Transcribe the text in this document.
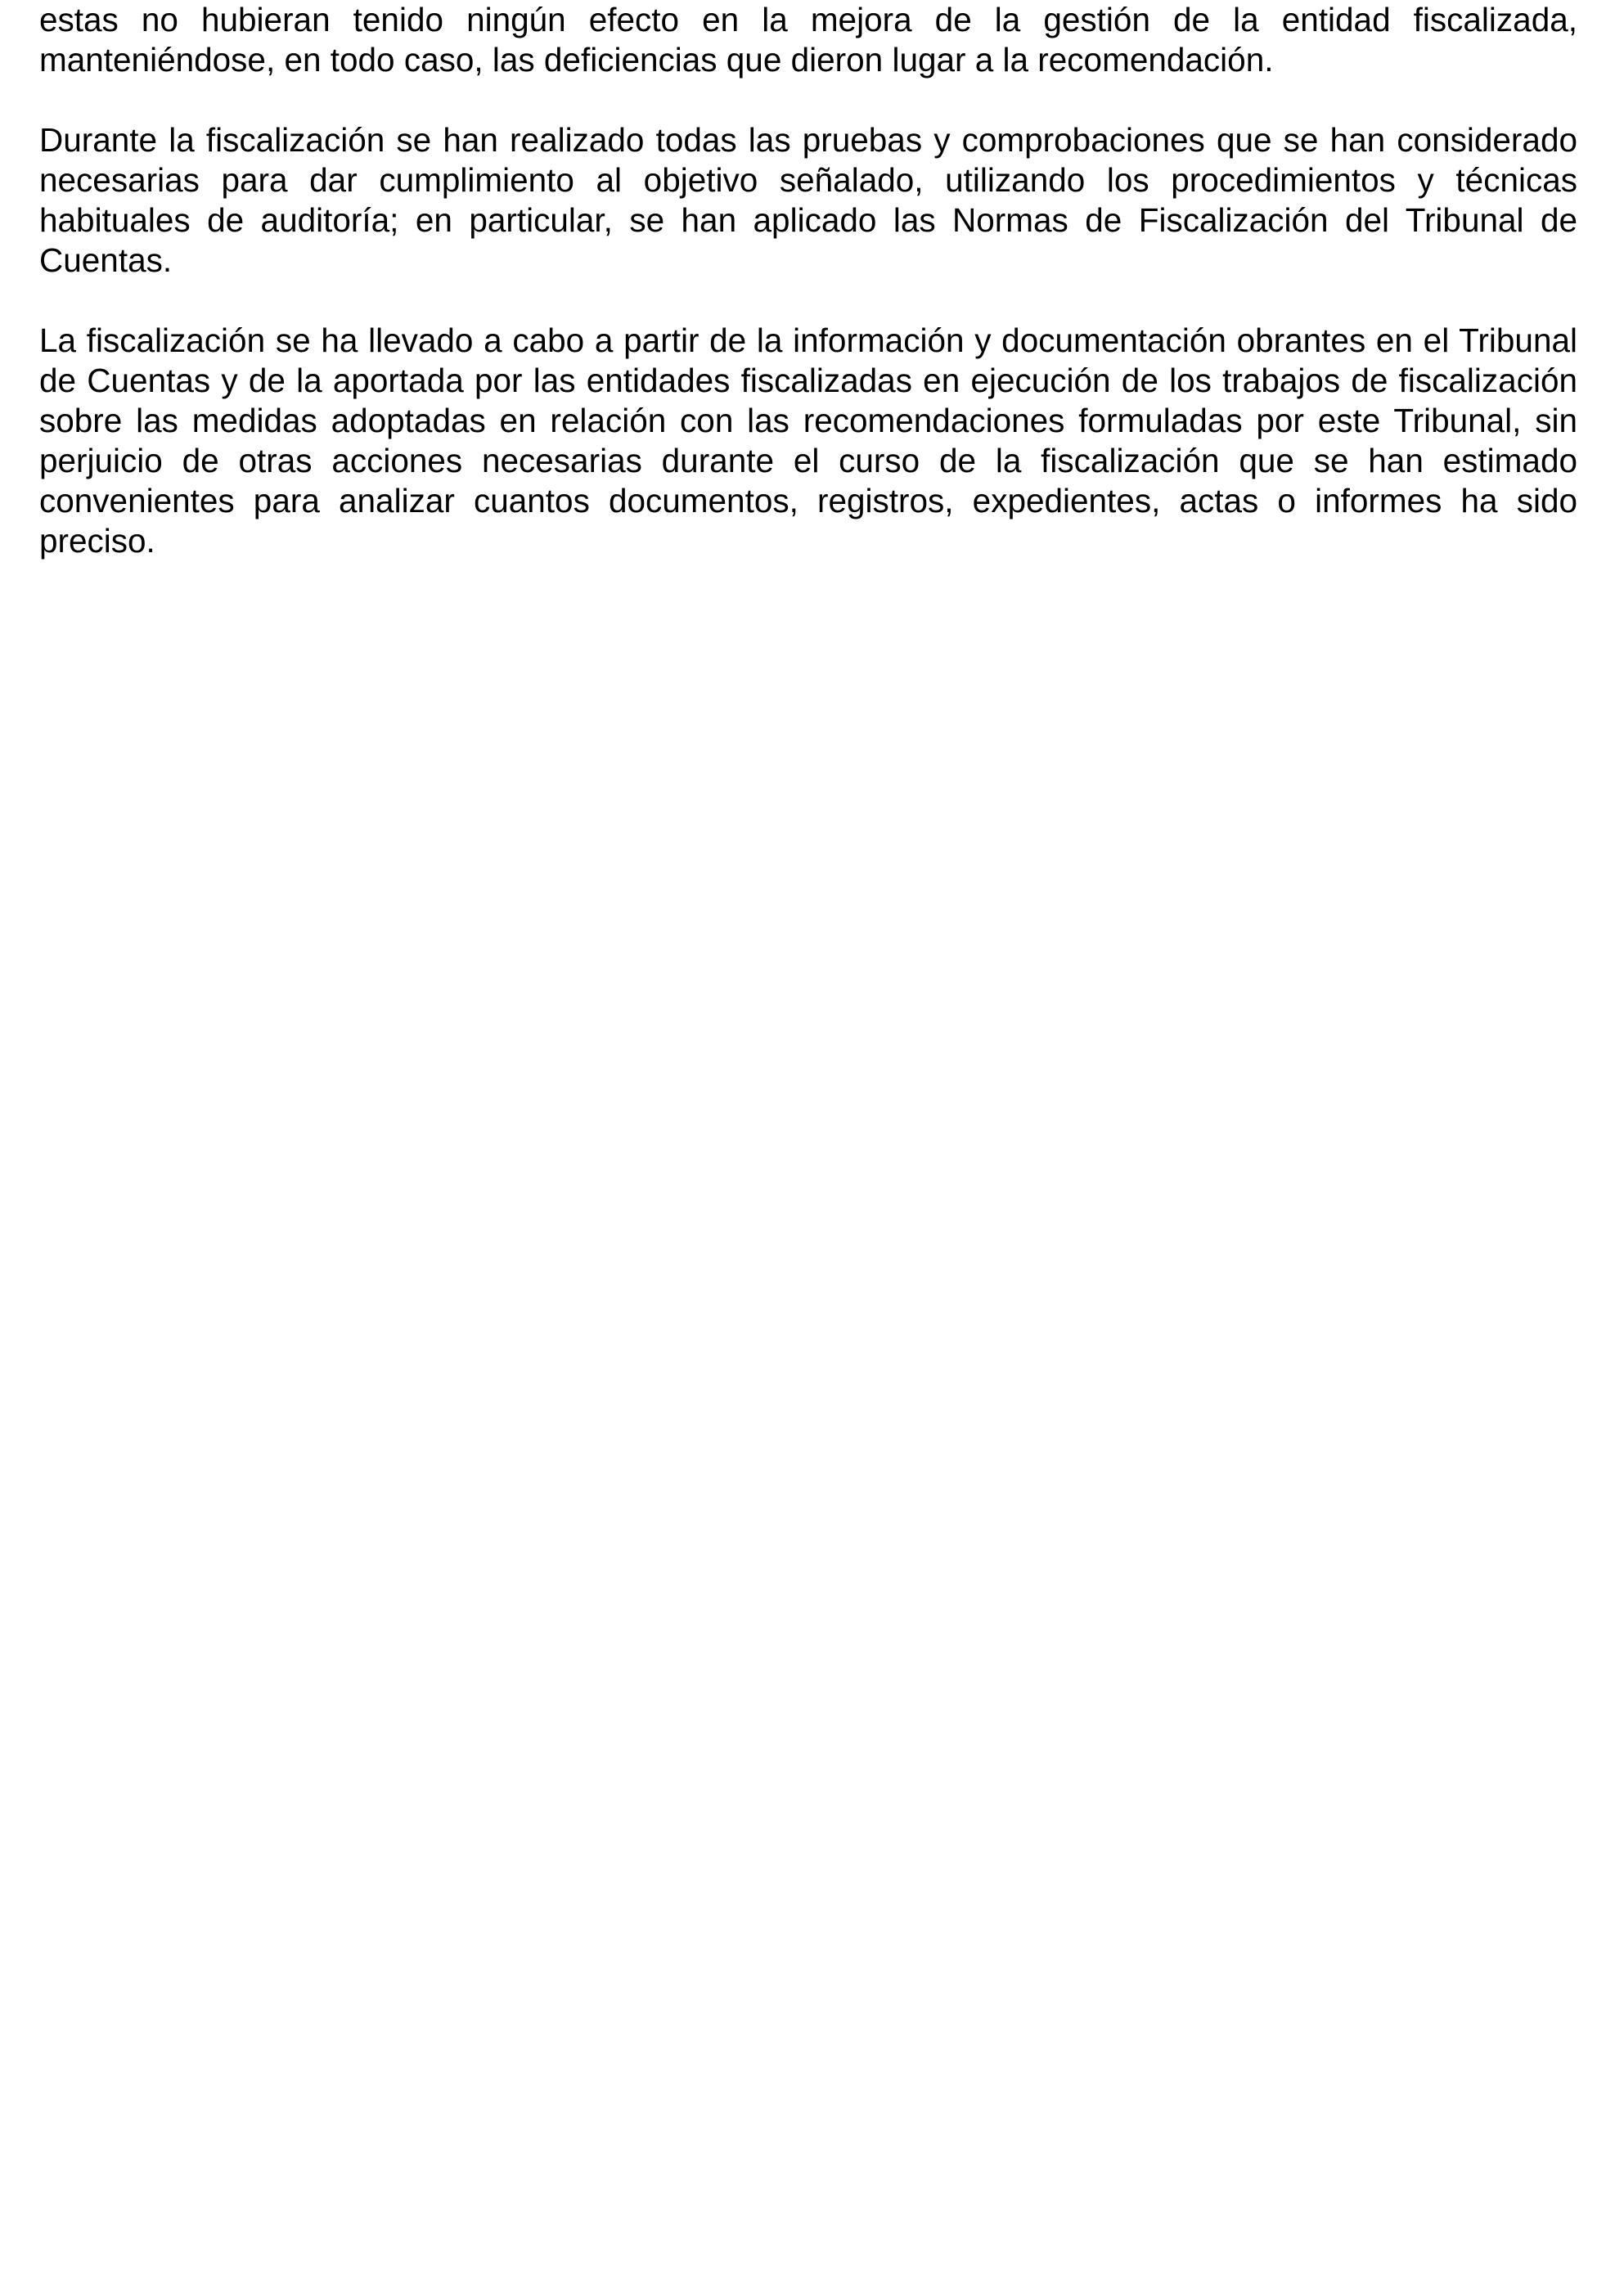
estas no hubieran tenido ningún efecto en la mejora de la gestión de la entidad fiscalizada, manteniéndose, en todo caso, las deficiencias que dieron lugar a la recomendación.

Durante la fiscalización se han realizado todas las pruebas y comprobaciones que se han considerado necesarias para dar cumplimiento al objetivo señalado, utilizando los procedimientos y técnicas habituales de auditoría; en particular, se han aplicado las Normas de Fiscalización del Tribunal de Cuentas.

La fiscalización se ha llevado a cabo a partir de la información y documentación obrantes en el Tribunal de Cuentas y de la aportada por las entidades fiscalizadas en ejecución de los trabajos de fiscalización sobre las medidas adoptadas en relación con las recomendaciones formuladas por este Tribunal, sin perjuicio de otras acciones necesarias durante el curso de la fiscalización que se han estimado convenientes para analizar cuantos documentos, registros, expedientes, actas o informes ha sido preciso.
